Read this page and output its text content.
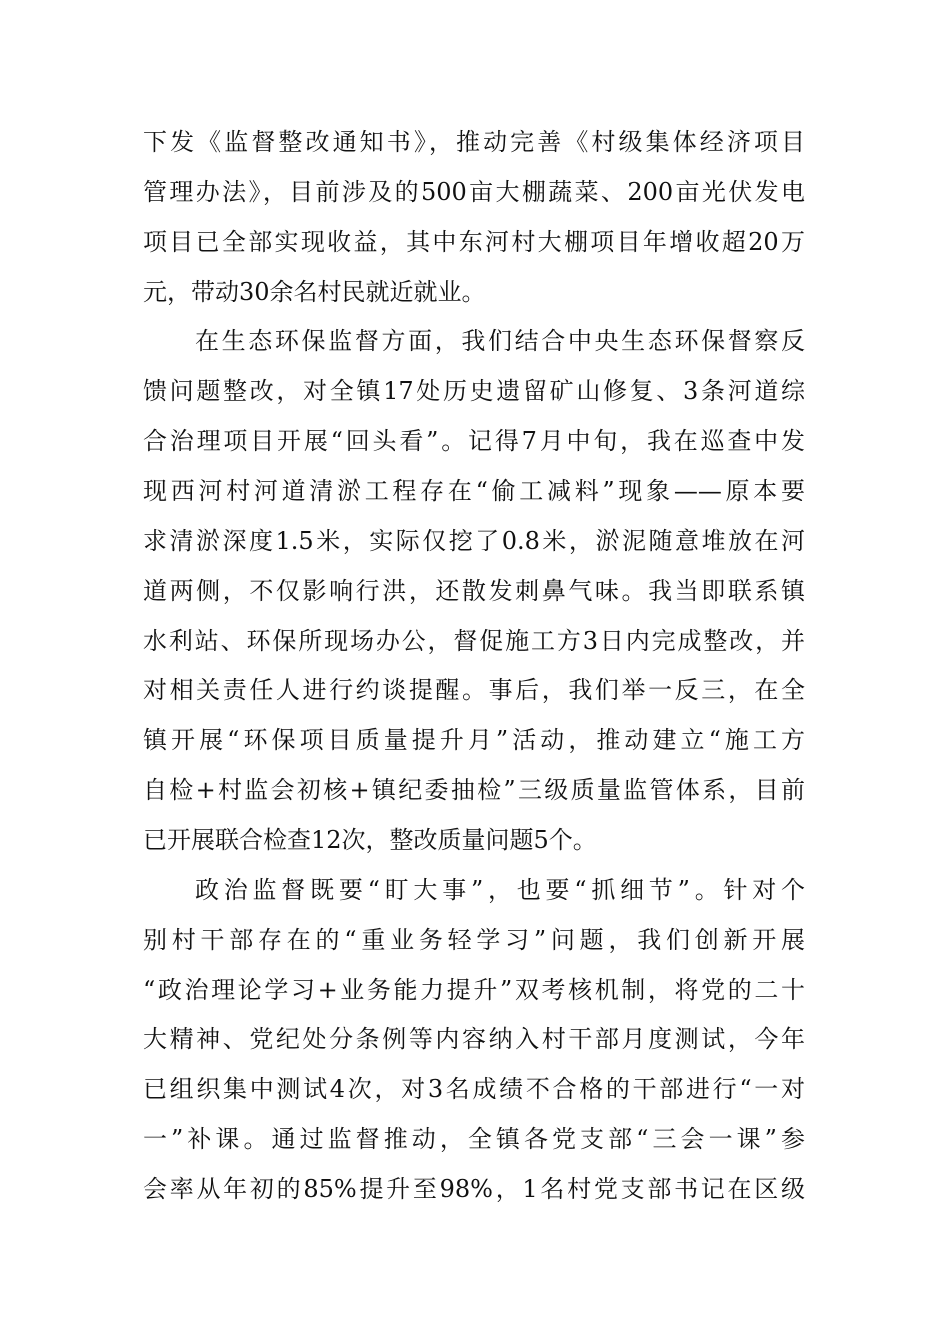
下发《监督整改通知书》，推动完善《村级集体经济项目
管理办法》，目前涉及的500亩大棚蔬菜、200亩光伏发电
项目已全部实现收益，其中东河村大棚项目年增收超20万
元，带动30余名村民就近就业。
在生态环保监督方面，我们结合中央生态环保督察反
馈问题整改，对全镇17处历史遗留矿山修复、3条河道综
合治理项目开展“回头看”。记得7月中旬，我在巡查中发
现西河村河道清淤工程存在“偷工减料”现象——原本要
求清淤深度1.5米，实际仅挖了0.8米，淤泥随意堆放在河
道两侧，不仅影响行洪，还散发刺鼻气味。我当即联系镇
水利站、环保所现场办公，督促施工方3日内完成整改，并
对相关责任人进行约谈提醒。事后，我们举一反三，在全
镇开展“环保项目质量提升月”活动，推动建立“施工方
自检+村监会初核+镇纪委抽检”三级质量监管体系，目前
已开展联合检查12次，整改质量问题5个。
政治监督既要“盯大事”，也要“抓细节”。针对个
别村干部存在的“重业务轻学习”问题，我们创新开展
“政治理论学习+业务能力提升”双考核机制，将党的二十
大精神、党纪处分条例等内容纳入村干部月度测试，今年
已组织集中测试4次，对3名成绩不合格的干部进行“一对
一”补课。通过监督推动，全镇各党支部“三会一课”参
会率从年初的85%提升至98%，1名村党支部书记在区级
